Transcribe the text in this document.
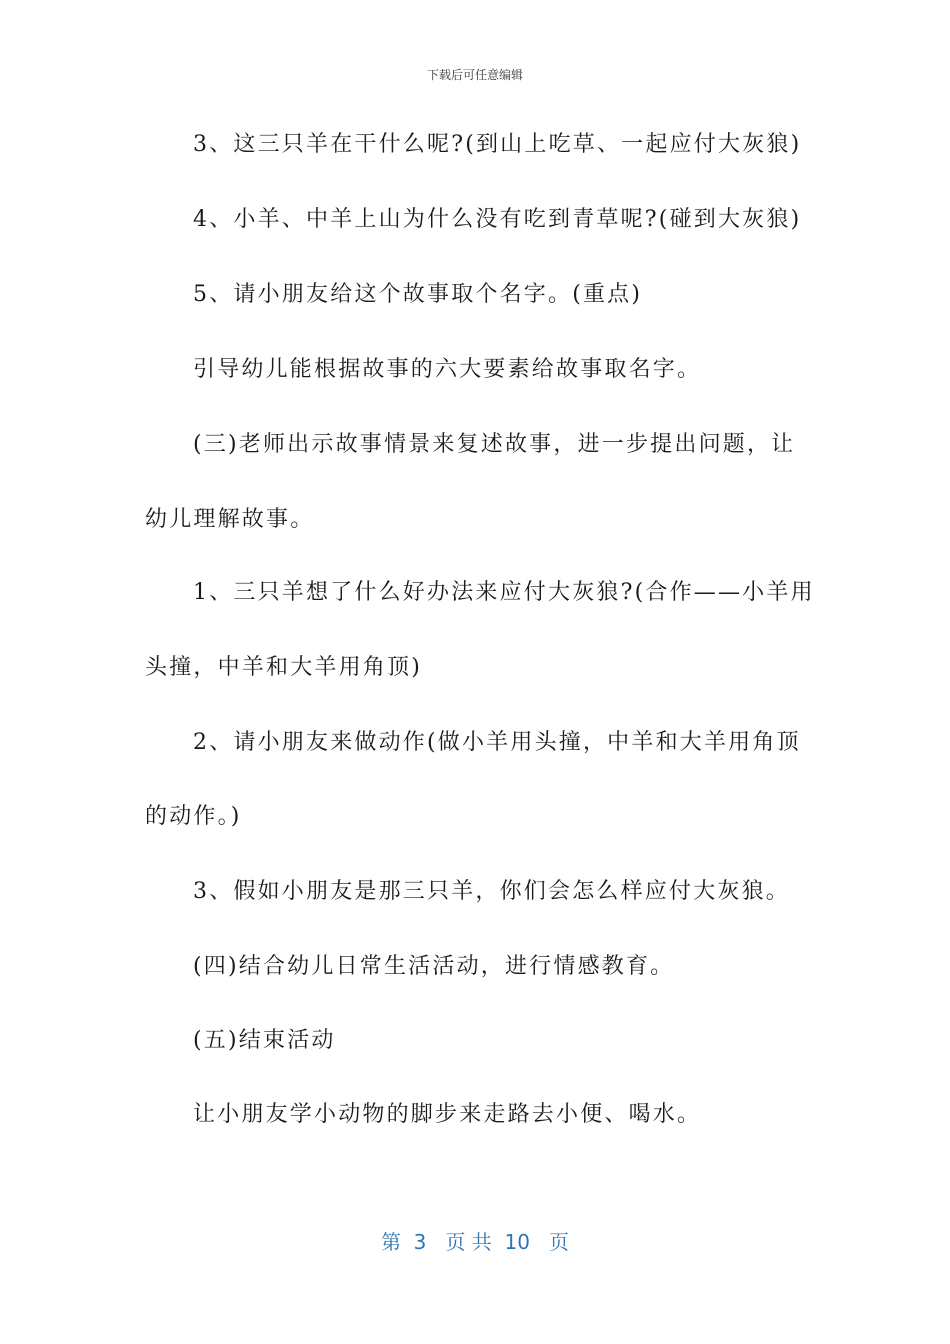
下载后可任意编辑
3、这三只羊在干什么呢?(到山上吃草、一起应付大灰狼)
4、小羊、中羊上山为什么没有吃到青草呢?(碰到大灰狼)
5、请小朋友给这个故事取个名字。(重点)
引导幼儿能根据故事的六大要素给故事取名字。
(三)老师出示故事情景来复述故事，进一步提出问题，让
幼儿理解故事。
1、三只羊想了什么好办法来应付大灰狼?(合作——小羊用
头撞，中羊和大羊用角顶)
2、请小朋友来做动作(做小羊用头撞，中羊和大羊用角顶
的动作。)
3、假如小朋友是那三只羊，你们会怎么样应付大灰狼。
(四)结合幼儿日常生活活动，进行情感教育。
(五)结束活动
让小朋友学小动物的脚步来走路去小便、喝水。
第  3   页 共  10   页
